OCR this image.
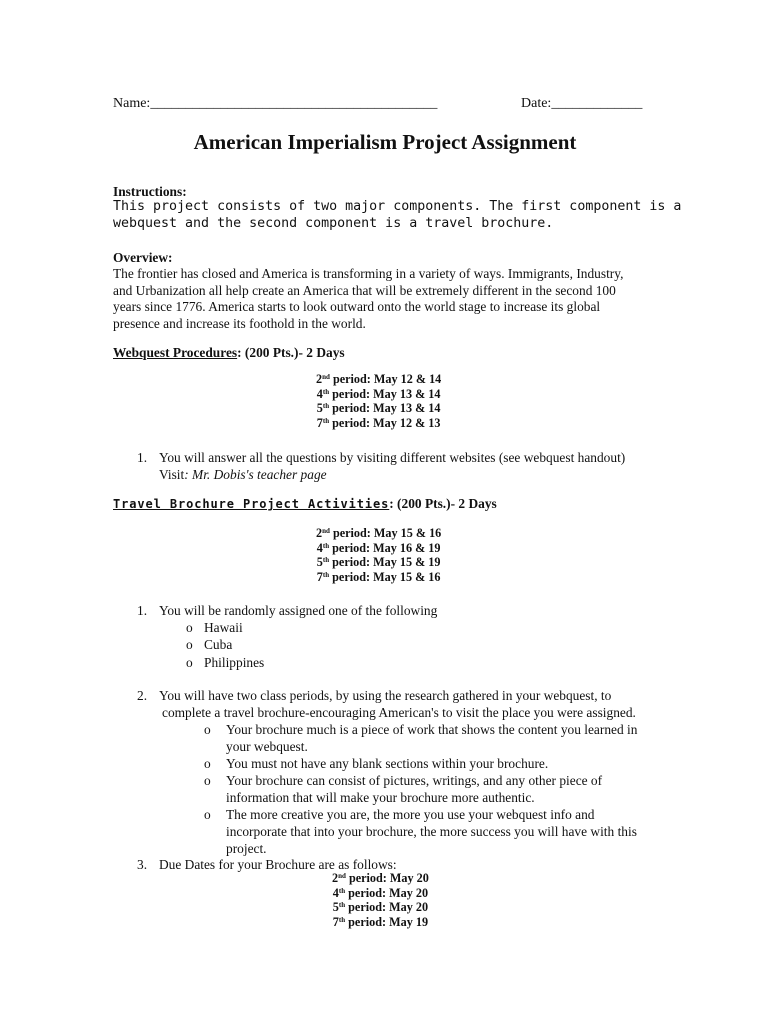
Name:_________________________________________	Date:_____________
American Imperialism Project Assignment
Instructions:
This project consists of two major components. The first component is a
webquest and the second component is a travel brochure.
Overview:
The frontier has closed and America is transforming in a variety of ways. Immigrants, Industry,
and Urbanization all help create an America that will be extremely different in the second 100
years since 1776. America starts to look outward onto the world stage to increase its global
presence and increase its foothold in the world.
Webquest Procedures: (200 Pts.)- 2 Days
2nd period: May 12 & 14
4th period: May 13 & 14
5th period: May 13 & 14
7th period: May 12 & 13
1. You will answer all the questions by visiting different websites (see webquest handout)
Visit: Mr. Dobis's teacher page
Travel Brochure Project Activities: (200 Pts.)- 2 Days
2nd period: May 15 & 16
4th period: May 16 & 19
5th period: May 15 & 19
7th period: May 15 & 16
1. You will be randomly assigned one of the following
o Hawaii
o Cuba
o Philippines
2. You will have two class periods, by using the research gathered in your webquest, to
complete a travel brochure-encouraging American's to visit the place you were assigned.
o Your brochure much is a piece of work that shows the content you learned in
your webquest.
o You must not have any blank sections within your brochure.
o Your brochure can consist of pictures, writings, and any other piece of
information that will make your brochure more authentic.
o The more creative you are, the more you use your webquest info and
incorporate that into your brochure, the more success you will have with this
project.
3. Due Dates for your Brochure are as follows:
2nd period: May 20
4th period: May 20
5th period: May 20
7th period: May 19
